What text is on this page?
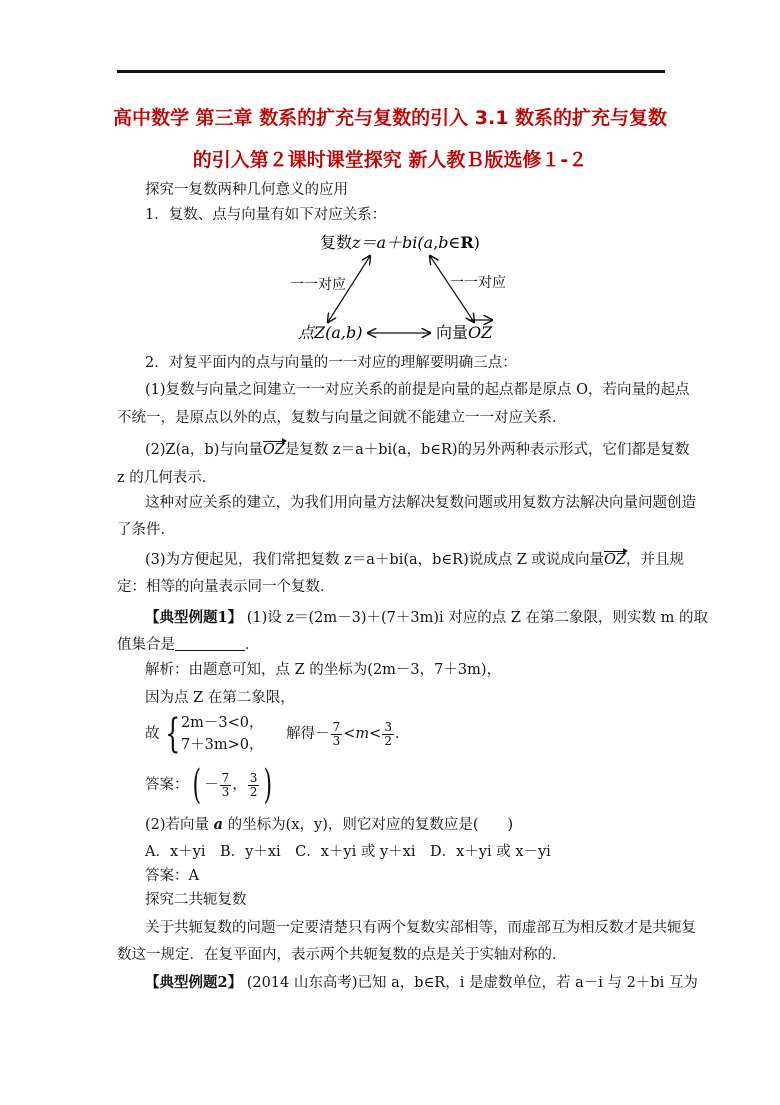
高中数学 第三章 数系的扩充与复数的引入 3.1 数系的扩充与复数
的引入第２课时课堂探究 新人教Ｂ版选修１-２
探究一复数两种几何意义的应用
1．复数、点与向量有如下对应关系：
复数z＝a＋bi(a,b∈R)
一一对应	一一对应
点Z(a,b)	向量OZ
2．对复平面内的点与向量的一一对应的理解要明确三点：
(1)复数与向量之间建立一一对应关系的前提是向量的起点都是原点 O，若向量的起点
不统一，是原点以外的点，复数与向量之间就不能建立一一对应关系．
(2)Z(a，b)与向量OZ是复数 z＝a＋bi(a，b∈R)的另外两种表示形式，它们都是复数
z 的几何表示．
这种对应关系的建立，为我们用向量方法解决复数问题或用复数方法解决向量问题创造
了条件．
(3)为方便起见，我们常把复数 z＝a＋bi(a，b∈R)说成点 Z 或说成向量OZ，并且规
定：相等的向量表示同一个复数．
【典型例题1】 (1)设 z＝(2m－3)＋(7＋3m)i 对应的点 Z 在第二象限，则实数 m 的取
值集合是	．
解析：由题意可知，点 Z 的坐标为(2m－3，7＋3m)，
因为点 Z 在第二象限，
故 { 2m－3<0，
7＋3m>0，
解得－ $\frac{7}{3} <m< \frac{3}{2}$ ．
答案：( － $\frac{7}{3}$ ， $\frac{3}{2}$ )
(2)若向量 a 的坐标为(x，y)，则它对应的复数应是(　　)
A．x＋yi　B．y＋xi　C．x＋yi 或 y＋xi　D．x＋yi 或 x－yi
答案：A
探究二共轭复数
关于共轭复数的问题一定要清楚只有两个复数实部相等，而虚部互为相反数才是共轭复
数这一规定．在复平面内，表示两个共轭复数的点是关于实轴对称的．
【典型例题2】 (2014 山东高考)已知 a，b∈R，i 是虚数单位，若 a－i 与 2＋bi 互为
